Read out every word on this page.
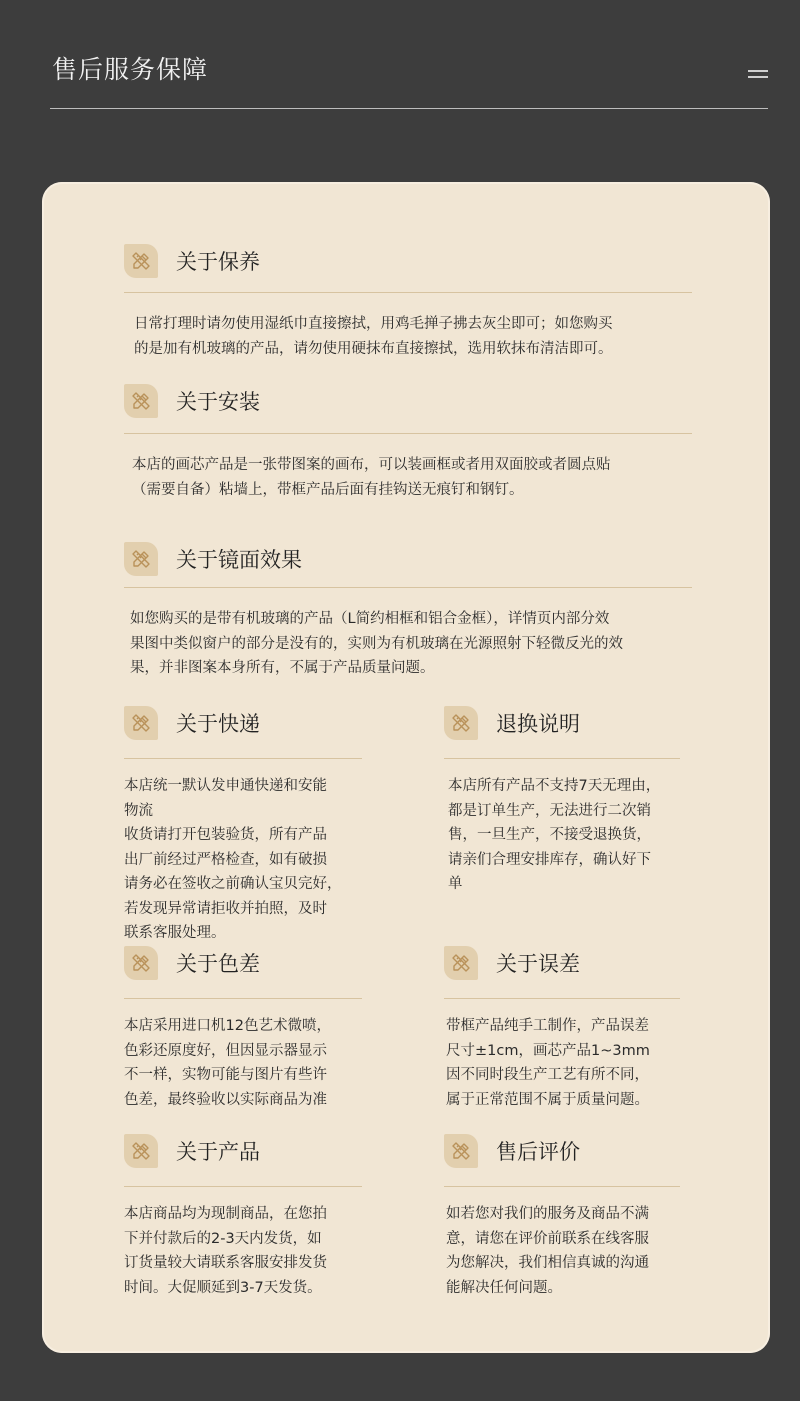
售后服务保障
关于保养

日常打理时请勿使用湿纸巾直接擦拭，用鸡毛掸子拂去灰尘即可；如您购买

的是加有机玻璃的产品，请勿使用硬抹布直接擦拭，选用软抹布清洁即可。

关于安装

本店的画芯产品是一张带图案的画布，可以装画框或者用双面胶或者圆点贴

（需要自备）粘墙上，带框产品后面有挂钩送无痕钉和钢钉。

关于镜面效果

如您购买的是带有机玻璃的产品（L简约相框和铝合金框），详情页内部分效

果图中类似窗户的部分是没有的，实则为有机玻璃在光源照射下轻微反光的效

果，并非图案本身所有，不属于产品质量问题。

关于快递

本店统一默认发申通快递和安能

物流

收货请打开包装验货，所有产品

出厂前经过严格检查，如有破损

请务必在签收之前确认宝贝完好，

若发现异常请拒收并拍照，及时

联系客服处理。

退换说明

本店所有产品不支持7天无理由，

都是订单生产，无法进行二次销

售，一旦生产，不接受退换货，

请亲们合理安排库存，确认好下

单

关于色差

本店采用进口机12色艺术微喷，

色彩还原度好，但因显示器显示

不一样，实物可能与图片有些许

色差，最终验收以实际商品为准

关于误差

带框产品纯手工制作，产品误差

尺寸±1cm，画芯产品1~3mm

因不同时段生产工艺有所不同，

属于正常范围不属于质量问题。

关于产品

本店商品均为现制商品，在您拍

下并付款后的2-3天内发货，如

订货量较大请联系客服安排发货

时间。大促顺延到3-7天发货。

售后评价

如若您对我们的服务及商品不满

意，请您在评价前联系在线客服

为您解决，我们相信真诚的沟通

能解决任何问题。
